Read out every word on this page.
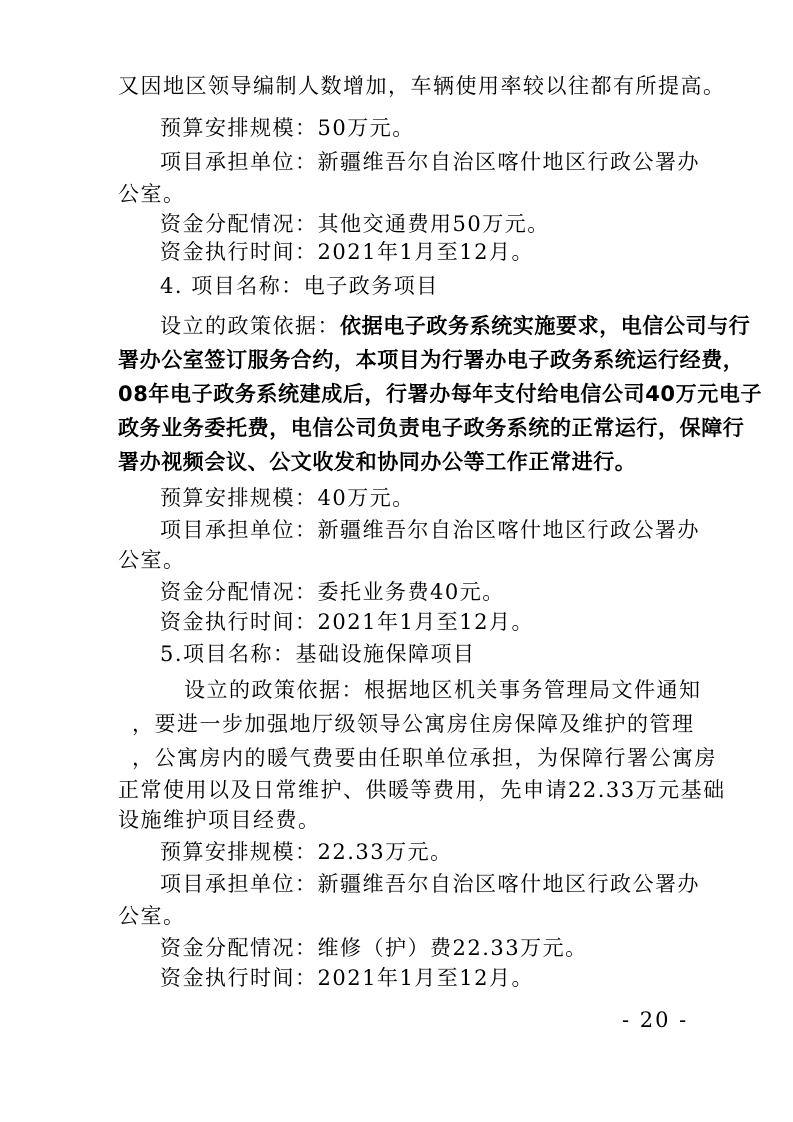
又因地区领导编制人数增加，车辆使用率较以往都有所提高。
预算安排规模：50万元。
项目承担单位：新疆维吾尔自治区喀什地区行政公署办
公室。
资金分配情况：其他交通费用50万元。
资金执行时间：2021年1月至12月。
4. 项目名称：电子政务项目
设立的政策依据：依据电子政务系统实施要求，电信公司与行
署办公室签订服务合约，本项目为行署办电子政务系统运行经费，
08年电子政务系统建成后，行署办每年支付给电信公司40万元电子
政务业务委托费，电信公司负责电子政务系统的正常运行，保障行
署办视频会议、公文收发和协同办公等工作正常进行。
预算安排规模：40万元。
项目承担单位：新疆维吾尔自治区喀什地区行政公署办
公室。
资金分配情况：委托业务费40元。
资金执行时间：2021年1月至12月。
5.项目名称：基础设施保障项目
设立的政策依据：根据地区机关事务管理局文件通知
，要进一步加强地厅级领导公寓房住房保障及维护的管理
，公寓房内的暖气费要由任职单位承担，为保障行署公寓房
正常使用以及日常维护、供暖等费用，先申请22.33万元基础
设施维护项目经费。
预算安排规模：22.33万元。
项目承担单位：新疆维吾尔自治区喀什地区行政公署办
公室。
资金分配情况：维修（护）费22.33万元。
资金执行时间：2021年1月至12月。
- 20 -
